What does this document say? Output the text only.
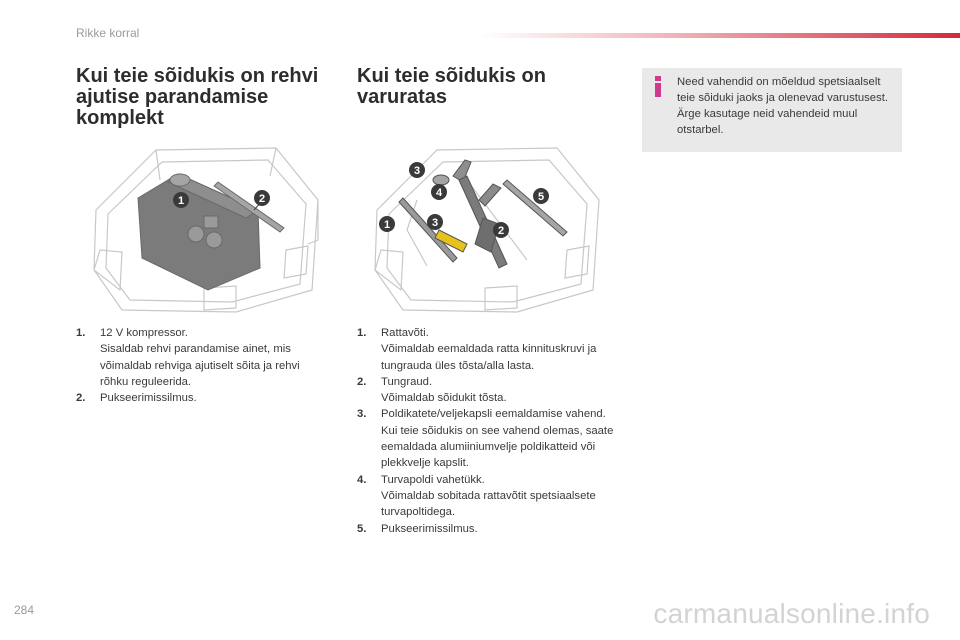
Rikke korral
Kui teie sõidukis on rehvi ajutise parandamise komplekt
Kui teie sõidukis on varuratas
Need vahendid on mõeldud spetsiaalselt teie sõiduki jaoks ja olenevad varustusest. Ärge kasutage neid vahendeid muul otstarbel.
1	2
3
1
4
3
2
5
1. 12 V kompressor.
Sisaldab rehvi parandamise ainet, mis võimaldab rehviga ajutiselt sõita ja rehvi rõhku reguleerida.
2. Pukseerimissilmus.
1. Rattavõti.
Võimaldab eemaldada ratta kinnituskruvi ja tungrauda üles tõsta/alla lasta.
2. Tungraud.
Võimaldab sõidukit tõsta.
3. Poldikatete/veljekapsli eemaldamise vahend.
Kui teie sõidukis on see vahend olemas, saate eemaldada alumiiniumvelje poldikatteid või plekkvelje kapslit.
4. Turvapoldi vahetükk.
Võimaldab sobitada rattavõtit spetsiaalsete turvapoltidega.
5. Pukseerimissilmus.
284	carmanualsonline.info
